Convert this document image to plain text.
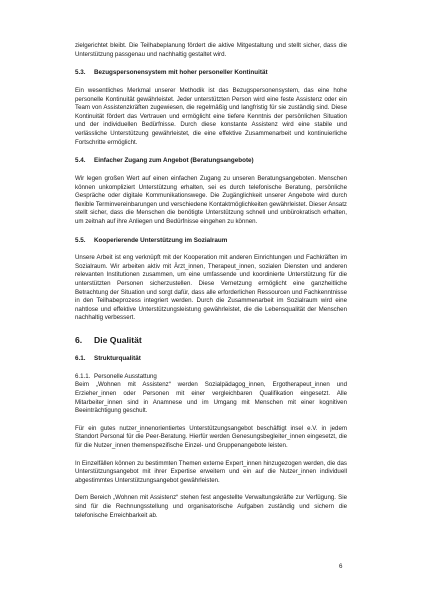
zielgerichtet bleibt. Die Teilhabeplanung fördert die aktive Mitgestaltung und stellt sicher, dass die Unterstützung passgenau und nachhaltig gestaltet wird.

5.3. Bezugspersonensystem mit hoher personeller Kontinuität

Ein wesentliches Merkmal unserer Methodik ist das Bezugspersonensystem, das eine hohe personelle Kontinuität gewährleistet. Jeder unterstützten Person wird eine feste Assistenz oder ein Team von Assistenzkräften zugewiesen, die regelmäßig und langfristig für sie zuständig sind. Diese Kontinuität fördert das Vertrauen und ermöglicht eine tiefere Kenntnis der persönlichen Situation und der individuellen Bedürfnisse. Durch diese konstante Assistenz wird eine stabile und verlässliche Unterstützung gewährleistet, die eine effektive Zusammenarbeit und kontinuierliche Fortschritte ermöglicht.

5.4. Einfacher Zugang zum Angebot (Beratungsangebote)

Wir legen großen Wert auf einen einfachen Zugang zu unseren Beratungsangeboten. Menschen können unkompliziert Unterstützung erhalten, sei es durch telefonische Beratung, persönliche Gespräche oder digitale Kommunikationswege. Die Zugänglichkeit unserer Angebote wird durch flexible Terminvereinbarungen und verschiedene Kontaktmöglichkeiten gewährleistet. Dieser Ansatz stellt sicher, dass die Menschen die benötigte Unterstützung schnell und unbürokratisch erhalten, um zeitnah auf ihre Anliegen und Bedürfnisse eingehen zu können.

5.5. Kooperierende Unterstützung im Sozialraum

Unsere Arbeit ist eng verknüpft mit der Kooperation mit anderen Einrichtungen und Fachkräften im Sozialraum. Wir arbeiten aktiv mit Ärzt_innen, Therapeut_innen, sozialen Diensten und anderen relevanten Institutionen zusammen, um eine umfassende und koordinierte Unterstützung für die unterstützten Personen sicherzustellen. Diese Vernetzung ermöglicht eine ganzheitliche Betrachtung der Situation und sorgt dafür, dass alle erforderlichen Ressourcen und Fachkenntnisse in den Teilhabeprozess integriert werden. Durch die Zusammenarbeit im Sozialraum wird eine nahtlose und effektive Unterstützungsleistung gewährleistet, die die Lebensqualität der Menschen nachhaltig verbessert.

6. Die Qualität
6.1. Strukturqualität
6.1.1. Personelle Ausstattung

Beim „Wohnen mit Assistenz“ werden Sozialpädagog_innen, Ergotherapeut_innen und Erzieher_innen oder Personen mit einer vergleichbaren Qualifikation eingesetzt. Alle Mitarbeiter_innen sind in Anamnese und im Umgang mit Menschen mit einer kognitiven Beeinträchtigung geschult.

Für ein gutes nutzer_innenorientiertes Unterstützungsangebot beschäftigt insel e.V. in jedem Standort Personal für die Peer-Beratung. Hierfür werden Genesungsbegleiter_innen eingesetzt, die für die Nutzer_innen themenspezifische Einzel- und Gruppenangebote leisten.

In Einzelfällen können zu bestimmten Themen externe Expert_innen hinzugezogen werden, die das Unterstützungsangebot mit ihrer Expertise erweitern und ein auf die Nutzer_innen individuell abgestimmtes Unterstützungsangebot gewährleisten.

Dem Bereich „Wohnen mit Assistenz“ stehen fest angestellte Verwaltungskräfte zur Verfügung. Sie sind für die Rechnungsstellung und organisatorische Aufgaben zuständig und sichern die telefonische Erreichbarkeit ab.

6
